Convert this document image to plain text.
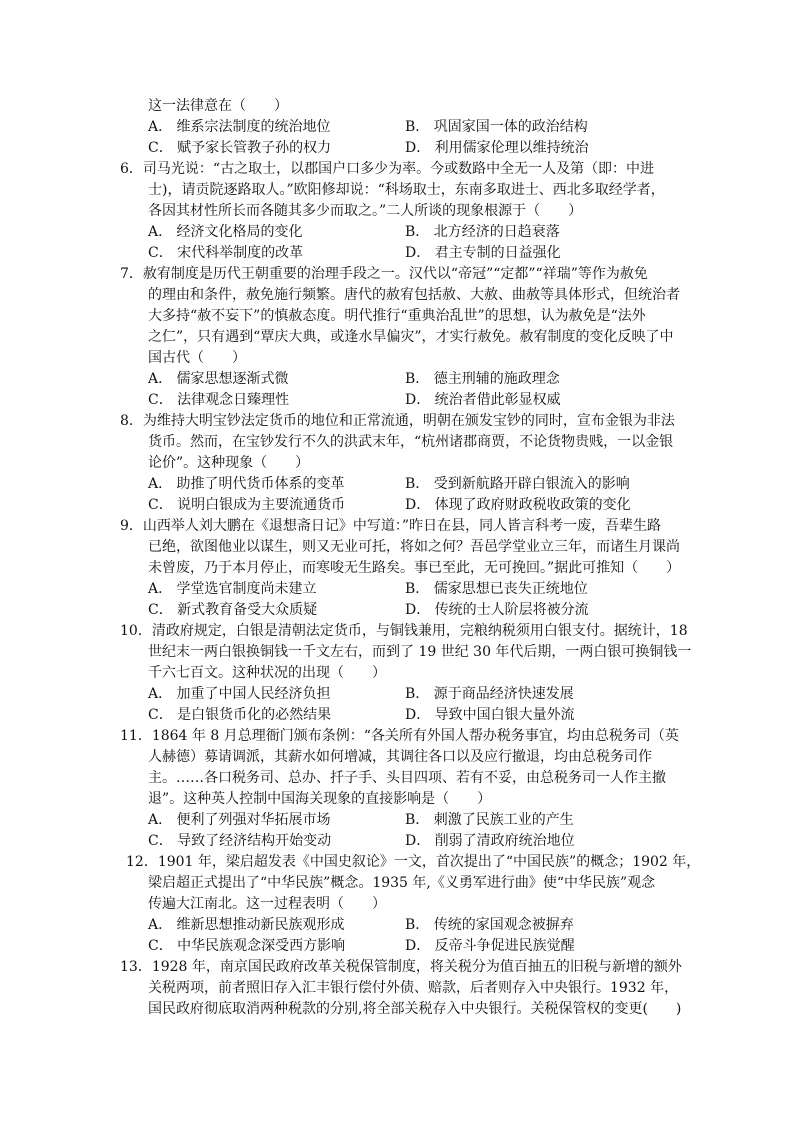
这一法律意在（　　）
A． 维系宗法制度的统治地位	B． 巩固家国一体的政治结构
C． 赋予家长管教子孙的权力	D． 利用儒家伦理以维持统治
6．司马光说：“古之取士，以郡国户口多少为率。今或数路中全无一人及第（即：中进
士)，请贡院逐路取人。”欧阳修却说：“科场取士，东南多取进士、西北多取经学者，
各因其材性所长而各随其多少而取之。”二人所谈的现象根源于（　　）
A． 经济文化格局的变化	B． 北方经济的日趋衰落
C． 宋代科举制度的改革	D． 君主专制的日益强化
7．赦宥制度是历代王朝重要的治理手段之一。汉代以“帝冠”“定都”“祥瑞”等作为赦免
的理由和条件，赦免施行频繁。唐代的赦宥包括赦、大赦、曲赦等具体形式，但统治者
大多持“赦不妄下”的慎赦态度。明代推行“重典治乱世”的思想，认为赦免是“法外
之仁”，只有遇到“覃庆大典，或逢水旱偏灾”，才实行赦免。赦宥制度的变化反映了中
国古代（　　）
A． 儒家思想逐渐式微	B． 德主刑辅的施政理念
C． 法律观念日臻理性	D． 统治者借此彰显权威
8．为维持大明宝钞法定货币的地位和正常流通，明朝在颁发宝钞的同时，宣布金银为非法
货币。然而，在宝钞发行不久的洪武末年，“杭州诸郡商贾，不论货物贵贱，一以金银
论价”。这种现象（　　）
A． 助推了明代货币体系的变革	B． 受到新航路开辟白银流入的影响
C． 说明白银成为主要流通货币	D． 体现了政府财政税收政策的变化
9．山西举人刘大鹏在《退想斋日记》中写道：”昨日在县，同人皆言科考一废，吾辈生路
已绝，欲图他业以谋生，则又无业可托，将如之何？吾邑学堂业立三年，而诸生月课尚
未曾废，乃于本月停止，而寒唆无生路矣。事已至此，无可挽回。”据此可推知（　　）
A． 学堂选官制度尚未建立	B． 儒家思想已丧失正统地位
C． 新式教育备受大众质疑	D． 传统的士人阶层将被分流
10．清政府规定，白银是清朝法定货币，与铜钱兼用，完粮纳税须用白银支付。据统计，18
世纪末一两白银换铜钱一千文左右，而到了 19 世纪 30 年代后期，一两白银可换铜钱一
千六七百文。这种状况的出现（　　）
A． 加重了中国人民经济负担	B． 源于商品经济快速发展
C． 是白银货币化的必然结果	D． 导致中国白银大量外流
11．1864 年 8 月总理衙门颁布条例：“各关所有外国人帮办税务事宜，均由总税务司（英
人赫德）募请调派，其薪水如何增减，其调往各口以及应行撤退，均由总税务司作
主。……各口税务司、总办、扦子手、头目四项、若有不妥，由总税务司一人作主撤
退”。这种英人控制中国海关现象的直接影响是（　　）
A． 便利了列强对华拓展市场	B． 刺激了民族工业的产生
C． 导致了经济结构开始变动	D． 削弱了清政府统治地位
12．1901 年，梁启超发表《中国史叙论》一文，首次提出了“中国民族”的概念；1902 年，
梁启超正式提出了“中华民族”概念。1935 年,《义勇军进行曲》使“中华民族”观念
传遍大江南北。这一过程表明（　　）
A． 维新思想推动新民族观形成	B． 传统的家国观念被摒弃
C． 中华民族观念深受西方影响	D． 反帝斗争促进民族觉醒
13．1928 年，南京国民政府改革关税保管制度，将关税分为值百抽五的旧税与新增的额外
关税两项，前者照旧存入汇丰银行偿付外债、赔款，后者则存入中央银行。1932 年，
国民政府彻底取消两种税款的分别,将全部关税存入中央银行。关税保管权的变更(　　)
